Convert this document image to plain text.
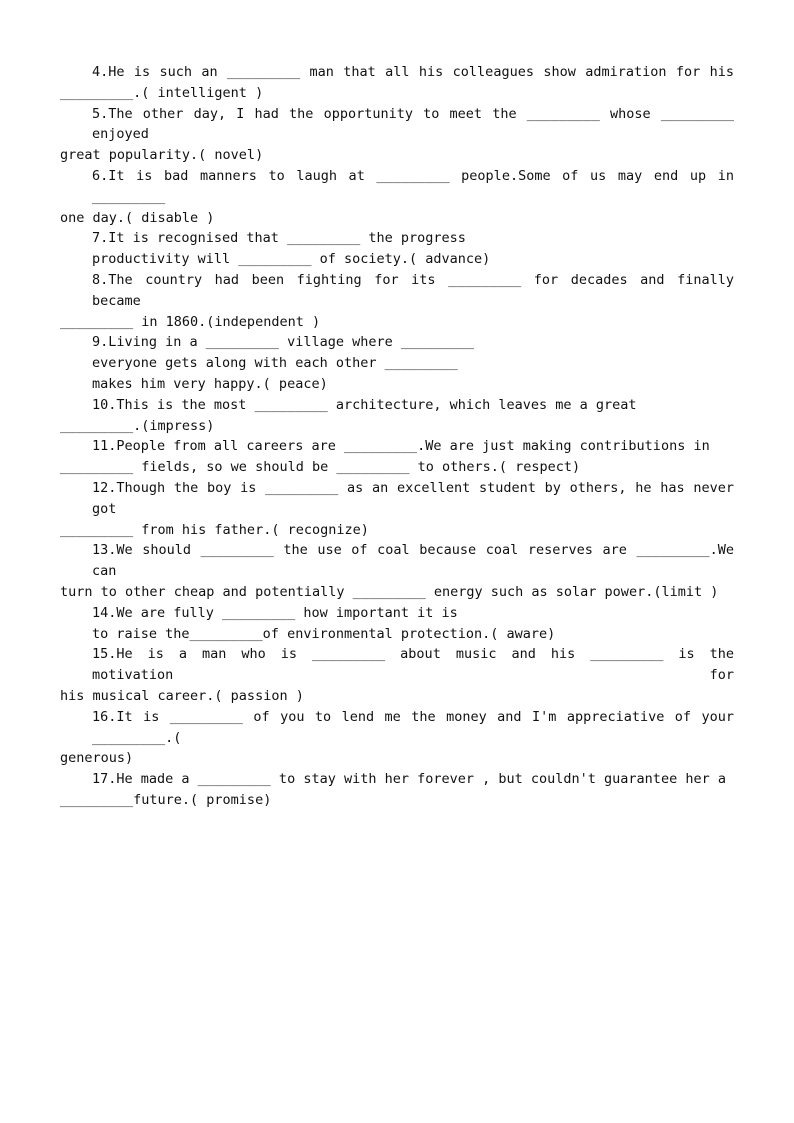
4.He is such an _________ man that all his colleagues show admiration for his
_________.( intelligent )
5.The other day, I had the opportunity to meet the _________ whose _________ enjoyed
great popularity.( novel)
6.It is bad manners to laugh at _________ people.Some of us may end up in _________
one day.( disable )
7.It is recognised that _________ the progress
productivity will _________ of society.( advance)
8.The country had been fighting for its _________ for decades and finally became
_________ in 1860.(independent )
9.Living in a _________ village where _________
everyone gets along with each other _________
makes him very happy.( peace)
10.This is the most _________ architecture, which leaves me a great
_________.(impress)
11.People from all careers are _________.We are just making contributions in
_________ fields, so we should be _________ to others.( respect)
12.Though the boy is _________ as an excellent student by others, he has never got
_________ from his father.( recognize)
13.We should _________ the use of coal because coal reserves are _________.We can
turn to other cheap and potentially _________ energy such as solar power.(limit )
14.We are fully _________ how important it is
to raise the_________of environmental protection.( aware)
15.He is a man who is _________ about music and his _________ is the motivation for
his musical career.( passion )
16.It is _________ of you to lend me the money and I'm appreciative of your _________.(
generous)
17.He made a _________ to stay with her forever , but couldn't guarantee her a
_________future.( promise)
